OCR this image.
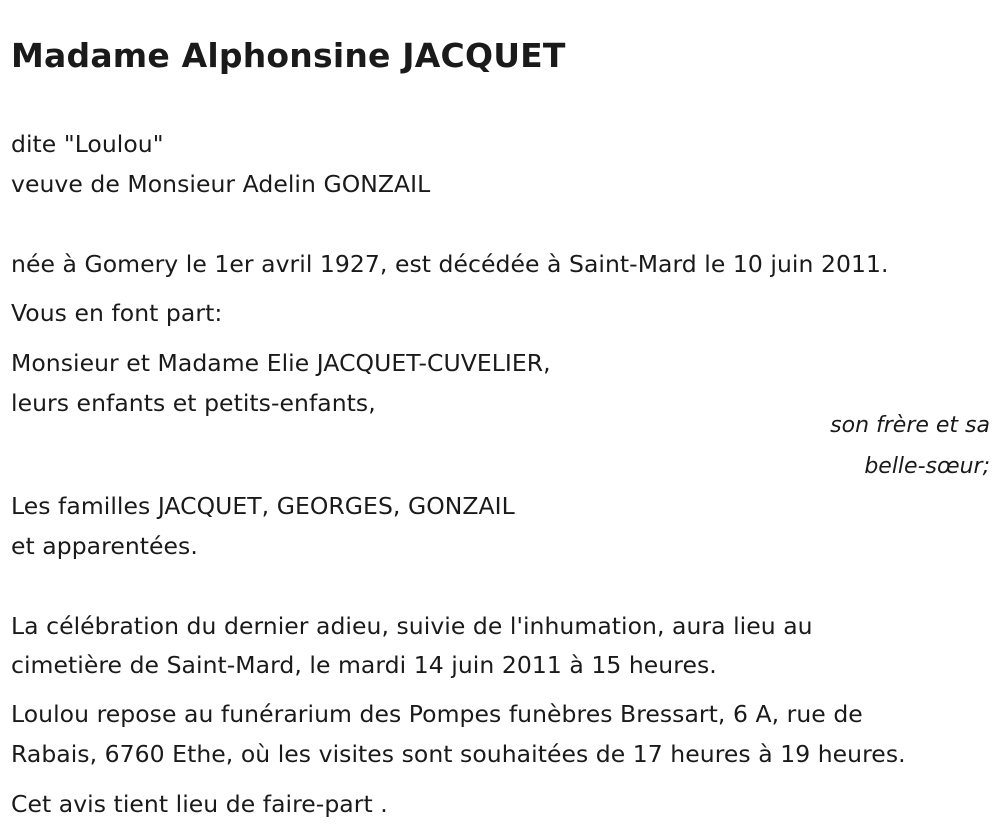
Madame Alphonsine JACQUET
dite "Loulou"
veuve de Monsieur Adelin GONZAIL
née à Gomery le 1er avril 1927, est décédée à Saint-Mard le 10 juin 2011.
Vous en font part:
Monsieur et Madame Elie JACQUET-CUVELIER,
leurs enfants et petits-enfants,
son frère et sa
belle-sœur;
Les familles JACQUET, GEORGES, GONZAIL
et apparentées.
La célébration du dernier adieu, suivie de l'inhumation, aura lieu au
cimetière de Saint-Mard, le mardi 14 juin 2011 à 15 heures.
Loulou repose au funérarium des Pompes funèbres Bressart, 6 A, rue de
Rabais, 6760 Ethe, où les visites sont souhaitées de 17 heures à 19 heures.
Cet avis tient lieu de faire-part .
